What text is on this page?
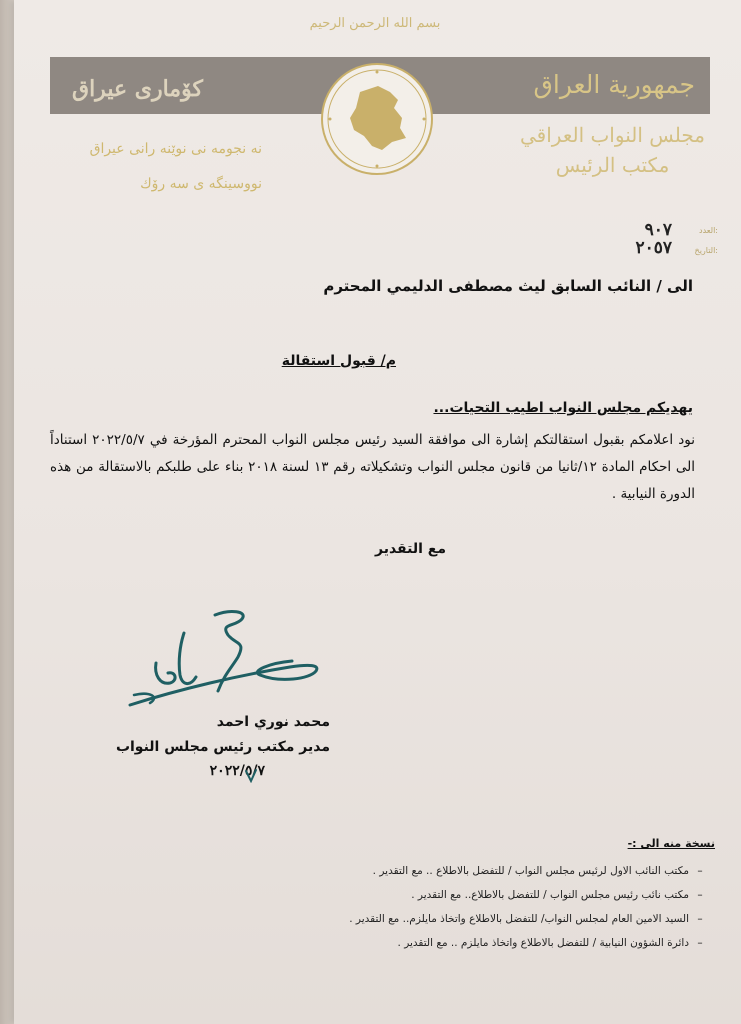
بسم الله الرحمن الرحيم
كۆمارى عيراق	جمهورية العراق
نه نجومه نى نوێنه رانى عيراق
نووسينگه ى سه رۆك
مجلس النواب العراقي
مكتب الرئيس
العدد:
٩٠٧
التاريخ:
٢٠٥٧
الى / النائب السابق ليث مصطفى الدليمي المحترم
م/ قبول استقالة
يهديكم مجلس النواب اطيب التحيات...
نود اعلامكم بقبول استقالتكم إشارة الى موافقة السيد رئيس مجلس النواب المحترم المؤرخة في ٢٠٢٢/٥/٧ استناداً الى احكام المادة ١٢/ثانيا من قانون مجلس النواب وتشكيلاته رقم ١٣ لسنة ٢٠١٨ بناء على طلبكم بالاستقالة من هذه الدورة النيابية .
مع التقدير
محمد نوري احمد
مدير مكتب رئيس مجلس النواب
٢٠٢٢/٥/٧
نسخة منه الى :-
–مكتب النائب الاول لرئيس مجلس النواب / للتفضل بالاطلاع .. مع التقدير .
–مكتب نائب رئيس مجلس النواب / للتفضل بالاطلاع.. مع التقدير .
–السيد الامين العام لمجلس النواب/ للتفضل بالاطلاع واتخاذ مايلزم.. مع التقدير .
–دائرة الشؤون النيابية / للتفضل بالاطلاع واتخاذ مايلزم .. مع التقدير .
